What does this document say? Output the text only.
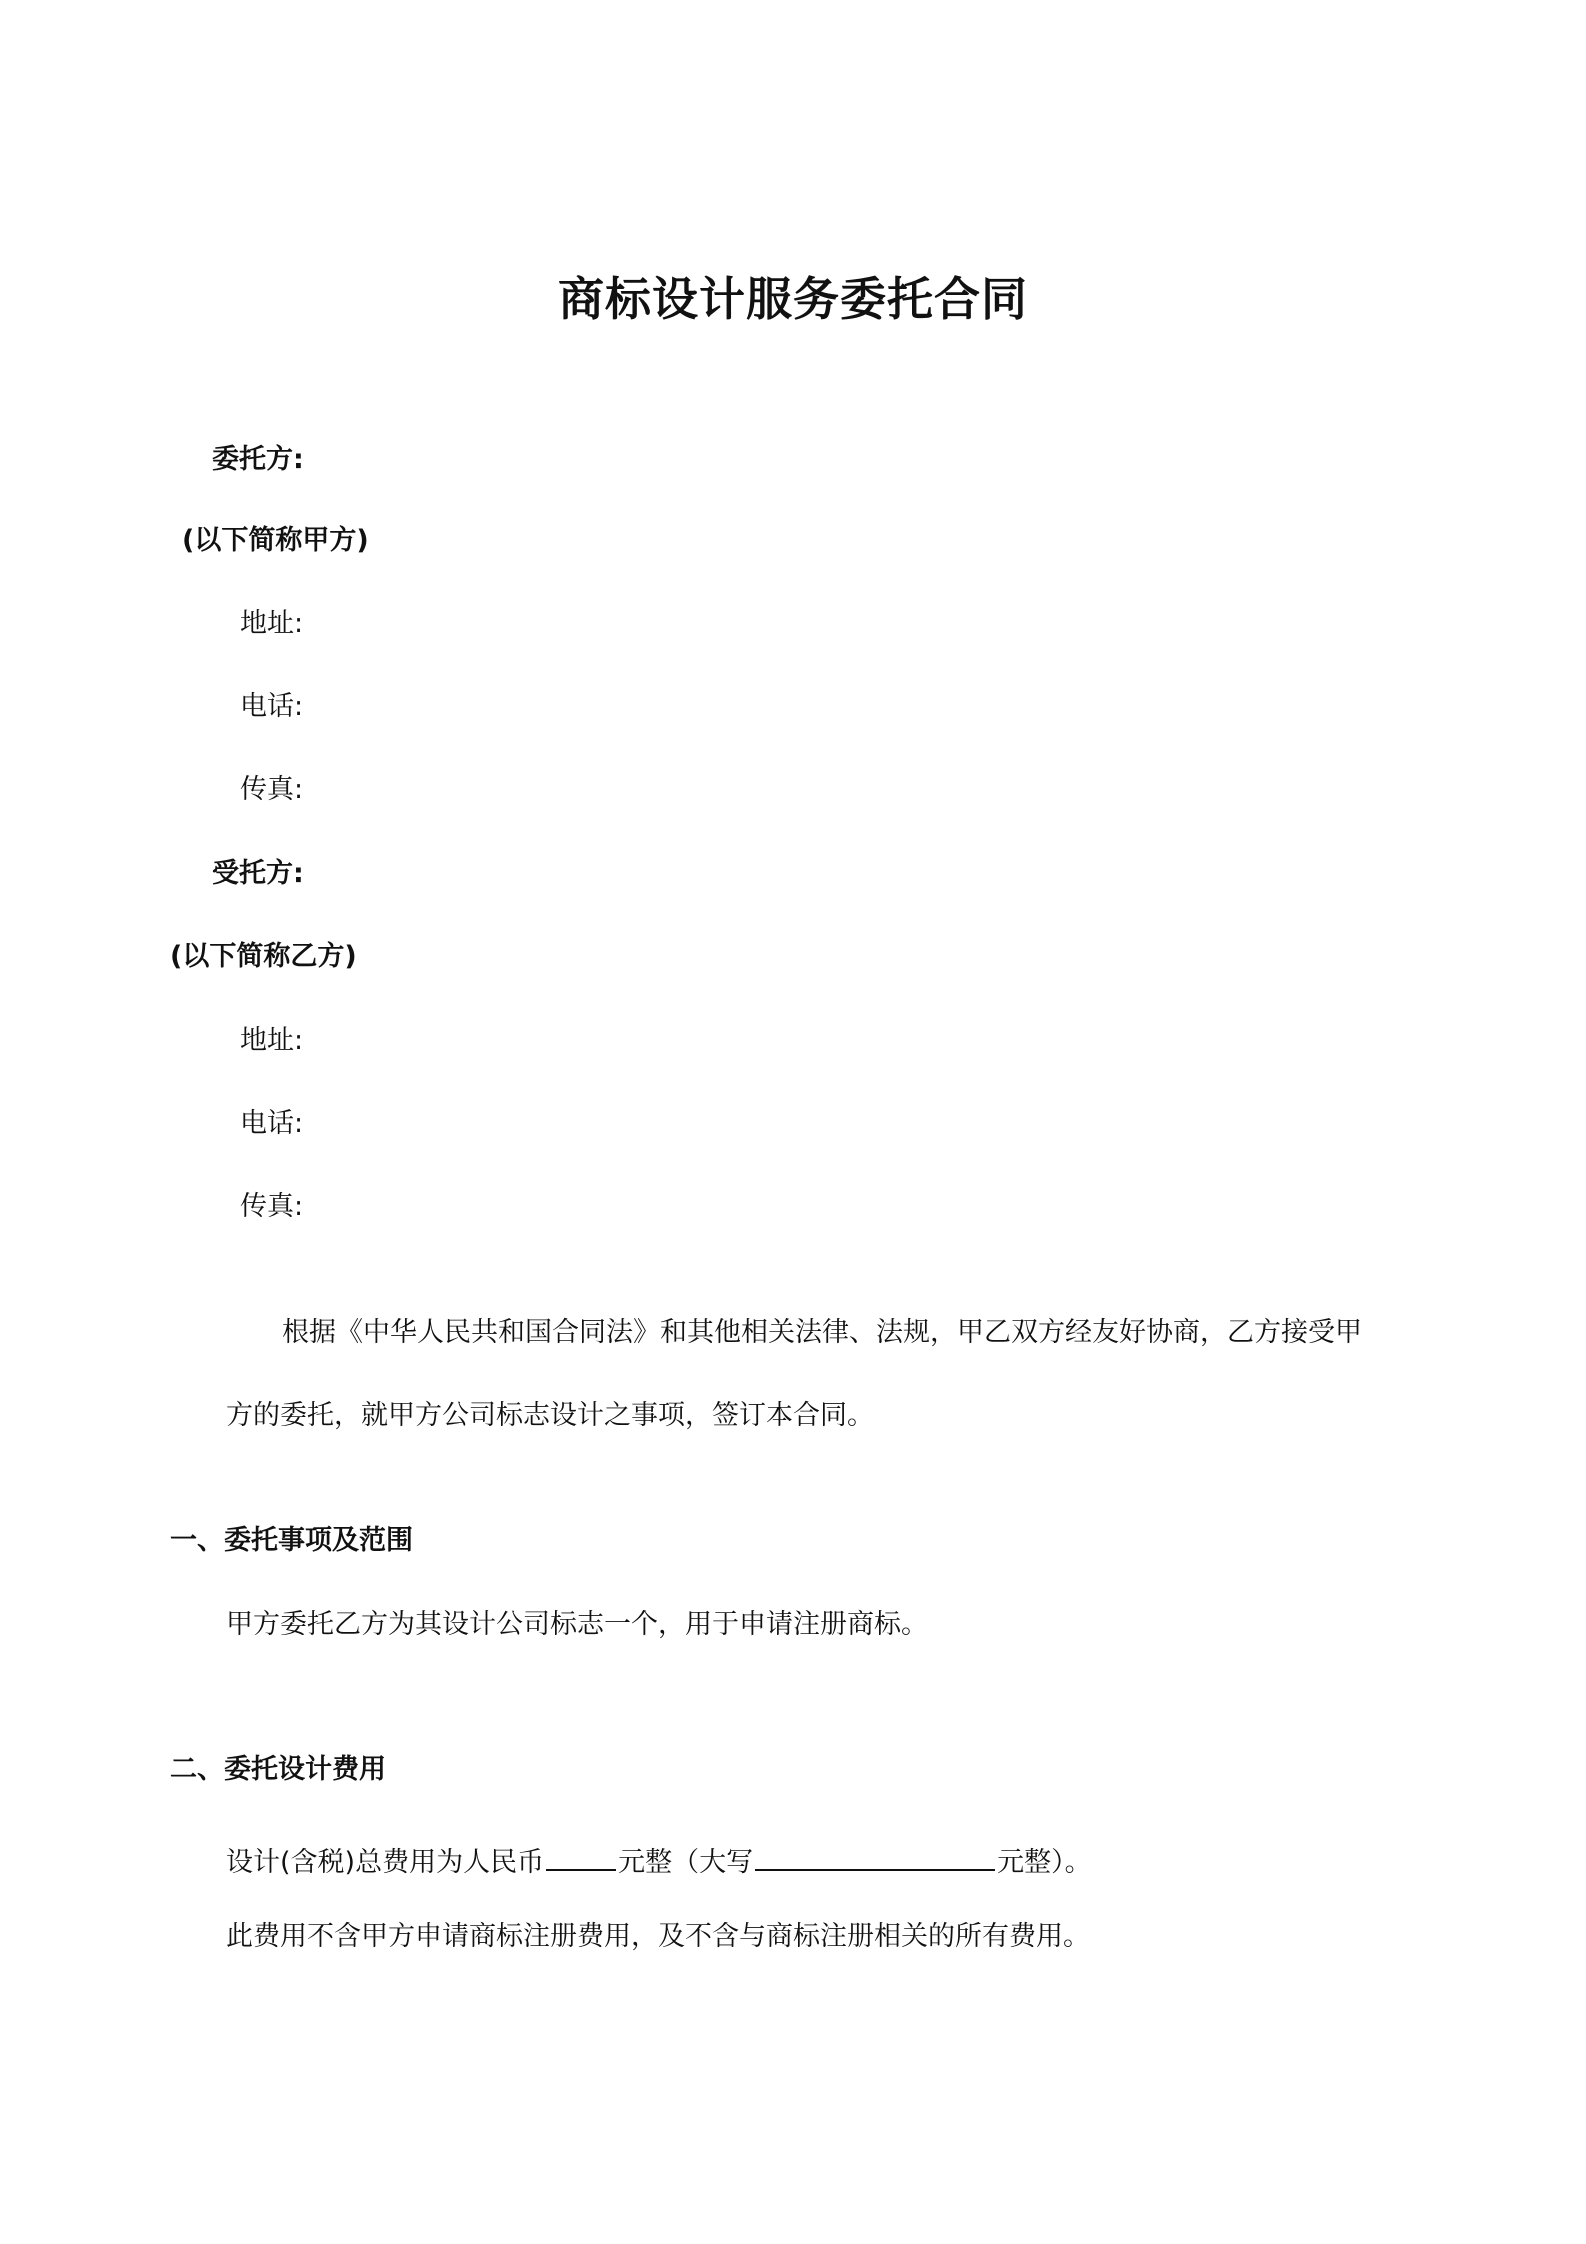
商标设计服务委托合同
委托方:
(以下简称甲方)
地址:
电话:
传真:
受托方:
(以下简称乙方)
地址:
电话:
传真:
根据《中华人民共和国合同法》和其他相关法律、法规，甲乙双方经友好协商，乙方接受甲
方的委托，就甲方公司标志设计之事项，签订本合同。
一、委托事项及范围
甲方委托乙方为其设计公司标志一个，用于申请注册商标。
二、委托设计费用
设计(含税)总费用为人民币	元整（大写	元整）。
此费用不含甲方申请商标注册费用，及不含与商标注册相关的所有费用。
